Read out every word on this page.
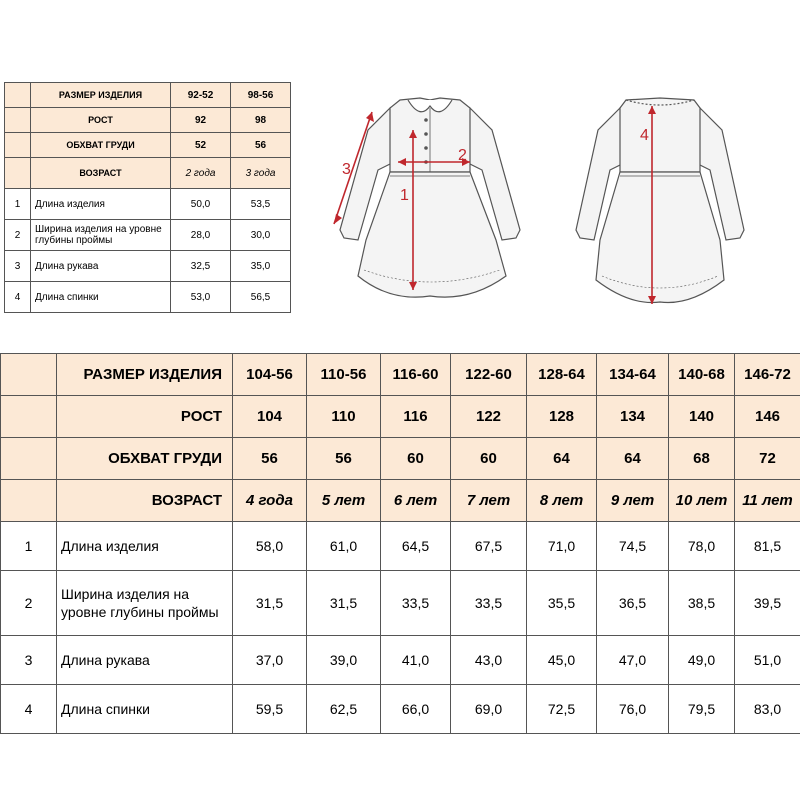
	РАЗМЕР ИЗДЕЛИЯ	92-52	98-56
	РОСТ	92	98
	ОБХВАТ ГРУДИ	52	56
	ВОЗРАСТ	2 года	3 года
1	Длина изделия	50,0	53,5
2	Ширина изделия на уровне глубины проймы	28,0	30,0
3	Длина рукава	32,5	35,0
4	Длина спинки	53,0	56,5
1
2
3
4
	РАЗМЕР ИЗДЕЛИЯ	104-56	110-56	116-60	122-60	128-64	134-64	140-68	146-72
	РОСТ	104	110	116	122	128	134	140	146
	ОБХВАТ ГРУДИ	56	56	60	60	64	64	68	72
	ВОЗРАСТ	4 года	5 лет	6 лет	7 лет	8 лет	9 лет	10 лет	11 лет
1	Длина изделия	58,0	61,0	64,5	67,5	71,0	74,5	78,0	81,5
2	Ширина изделия на уровне глубины проймы	31,5	31,5	33,5	33,5	35,5	36,5	38,5	39,5
3	Длина рукава	37,0	39,0	41,0	43,0	45,0	47,0	49,0	51,0
4	Длина спинки	59,5	62,5	66,0	69,0	72,5	76,0	79,5	83,0
